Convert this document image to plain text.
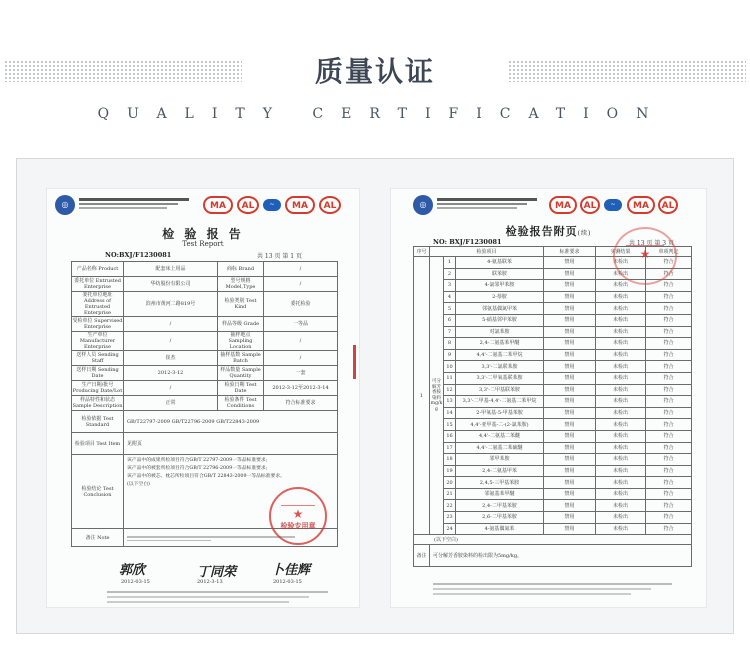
质量认证
QUALITY CERTIFICATION
◎	MA	AL	~	MA	AL
检 验 报 告
Test Report
NO:BXJ/F1230081	共 13 页 第 1 页
产品名称 Product	配套床上用品	商标 Brand	/
委托单位 Entrusted Enterprise	华纺股份有限公司	型号规格 Model,Type	/
委托单位地址 Address of Entrusted Enterprise	滨州市黄河二路819号	检验类别 Test Kind	委托检验
受检单位 Supervised Enterprise	/	样品等级 Grade	一等品
生产单位 Manufacturer Enterprise	/	抽样地点 Sampling Location	/
送样人员 Sending Staff	崔杰	抽样基数 Sample Batch	/
送样日期 Sending Date	2012-3-12	样品数量 Sample Quantity	一套
生产日期/批号 Producing Date/Lot	/	检验日期 Test Date	2012-3-12至2012-3-14
样品特性和状态 Sample Description	正常	检验条件 Test Conditions	符合标准要求
检验依据 Test Standard	GB/T22797-2009 GB/T22796-2009 GB/T22843-2009		
检验项目 Test Item	见附页		
检验结论 Test Conclusion	该产品中的成果所检项目符合GB/T 22797-2009一等品标准要求;
该产品中的被套所检项目符合GB/T 22796-2009一等品标准要求;
该产品中的被芯、枕芯所检项目符合GB/T 22843-2009一等品标准要求。
(以下空白)		

备注 Note			
★
检验专用章
郭欣	丁同荣	卜佳辉
2012-03-15	2012-3-13	2012-03-15
◎	MA	AL	~	MA	AL
检验报告附页(续)
NO: BXJ/F1230081	共 13 页 第 3 页
序号	检验项目			标准要求	实测结果	单项判定
1	可分解芳香胺染料 mg/kg	1	4-氨基联苯	禁用	未检出	符合
		2	联苯胺	禁用	未检出	符合
		3	4-氯邻甲苯胺	禁用	未检出	符合
		4	2-萘胺	禁用	未检出	符合
		5	邻氨基偶氮甲苯	禁用	未检出	符合
		6	5-硝基邻甲苯胺	禁用	未检出	符合
		7	对氯苯胺	禁用	未检出	符合
		8	2,4-二氨基苯甲醚	禁用	未检出	符合
		9	4,4'-二氨基二苯甲烷	禁用	未检出	符合
		10	3,3'-二氯联苯胺	禁用	未检出	符合
		11	3,3'-二甲氧基联苯胺	禁用	未检出	符合
		12	3,3'-二甲基联苯胺	禁用	未检出	符合
		13	3,3'-二甲基-4,4'-二氨基二苯甲烷	禁用	未检出	符合
		14	2-甲氧基-5-甲基苯胺	禁用	未检出	符合
		15	4,4'-亚甲基-二-(2-氯苯胺)	禁用	未检出	符合
		16	4,4'-二氨基二苯醚	禁用	未检出	符合
		17	4,4'-二氨基二苯硫醚	禁用	未检出	符合
		18	邻甲苯胺	禁用	未检出	符合
		19	2,4-二氨基甲苯	禁用	未检出	符合
		20	2,4,5-三甲基苯胺	禁用	未检出	符合
		21	邻氨基苯甲醚	禁用	未检出	符合
		22	2,4-二甲基苯胺	禁用	未检出	符合
		23	2,6-二甲基苯胺	禁用	未检出	符合
		24	4-氨基偶氮苯	禁用	未检出	符合
(以下空白)						
备注	可分解芳香胺染料的检出限为5mg/kg。					
★
